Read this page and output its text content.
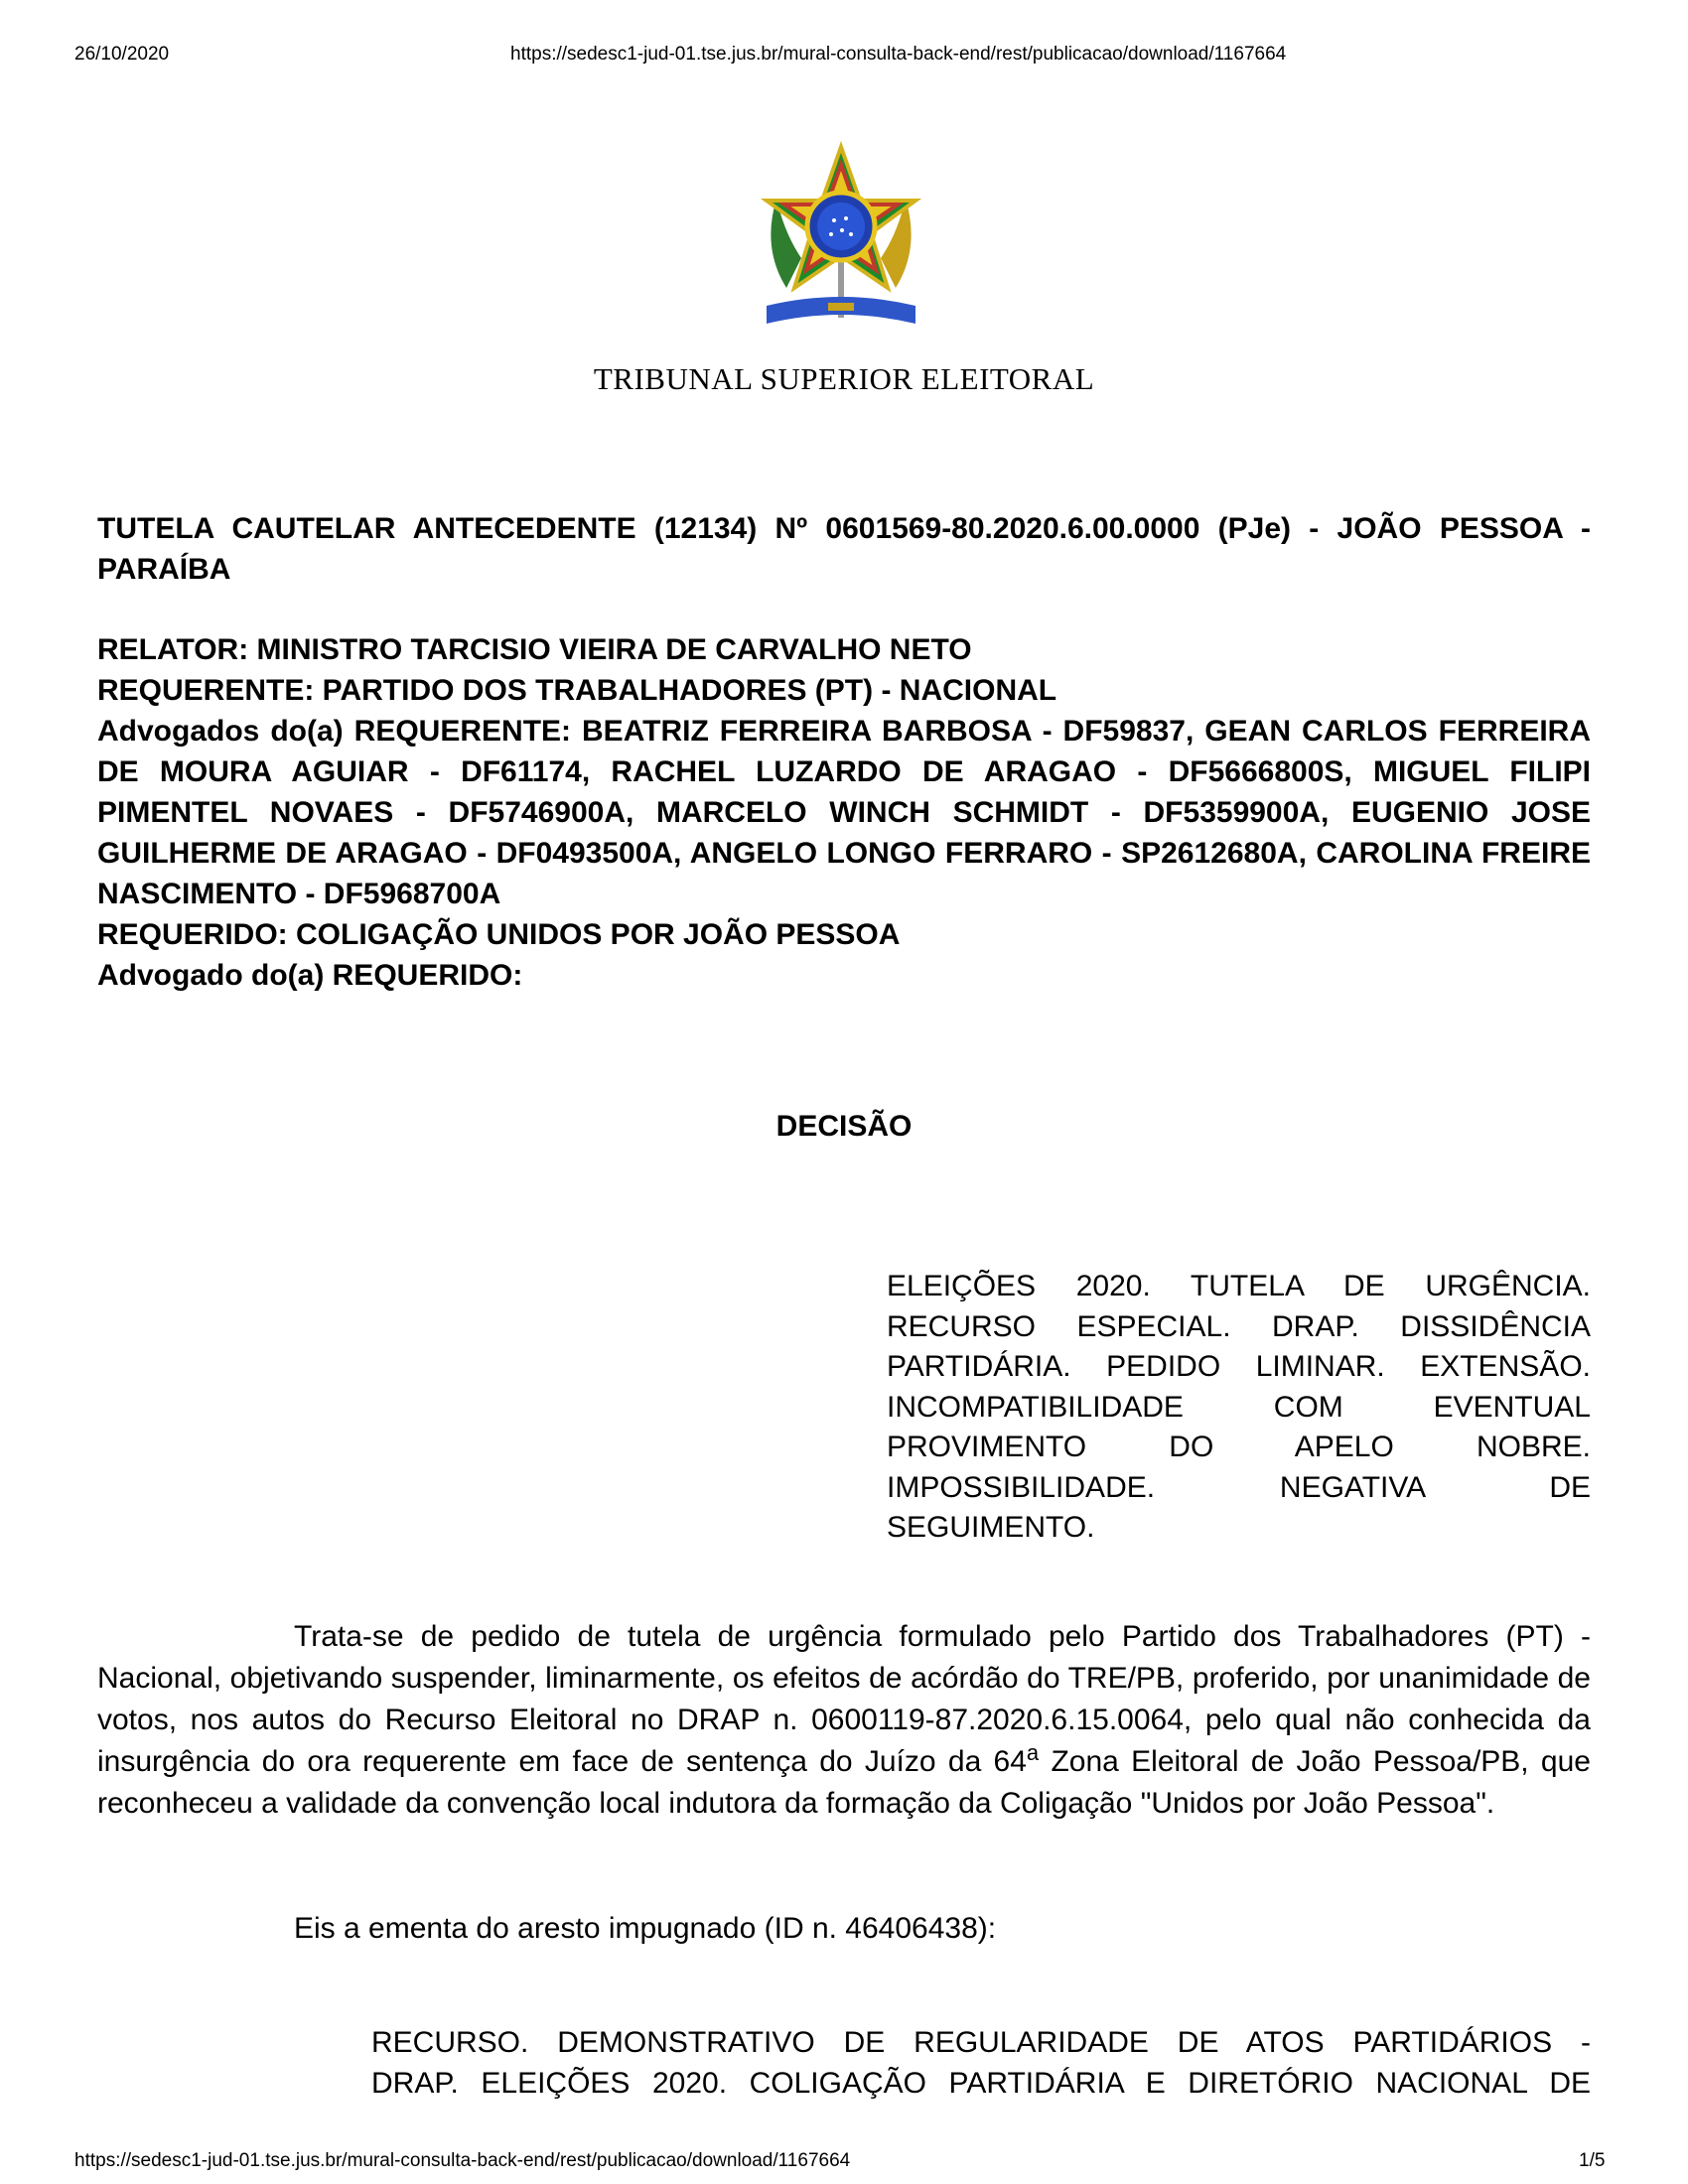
26/10/2020	https://sedesc1-jud-01.tse.jus.br/mural-consulta-back-end/rest/publicacao/download/1167664
TRIBUNAL SUPERIOR ELEITORAL
TUTELA CAUTELAR ANTECEDENTE (12134) Nº 0601569-80.2020.6.00.0000 (PJe) - JOÃO PESSOA - PARAÍBA

RELATOR: MINISTRO TARCISIO VIEIRA DE CARVALHO NETO

REQUERENTE: PARTIDO DOS TRABALHADORES (PT) - NACIONAL

Advogados do(a) REQUERENTE: BEATRIZ FERREIRA BARBOSA - DF59837, GEAN CARLOS FERREIRA DE MOURA AGUIAR - DF61174, RACHEL LUZARDO DE ARAGAO - DF5666800S, MIGUEL FILIPI PIMENTEL NOVAES - DF5746900A, MARCELO WINCH SCHMIDT - DF5359900A, EUGENIO JOSE GUILHERME DE ARAGAO - DF0493500A, ANGELO LONGO FERRARO - SP2612680A, CAROLINA FREIRE NASCIMENTO - DF5968700A

REQUERIDO: COLIGAÇÃO UNIDOS POR JOÃO PESSOA

Advogado do(a) REQUERIDO:

DECISÃO
ELEIÇÕES 2020. TUTELA DE URGÊNCIA.
RECURSO ESPECIAL. DRAP. DISSIDÊNCIA
PARTIDÁRIA. PEDIDO LIMINAR. EXTENSÃO.
INCOMPATIBILIDADE COM EVENTUAL
PROVIMENTO DO APELO NOBRE.
IMPOSSIBILIDADE. NEGATIVA DE
SEGUIMENTO.

Trata-se de pedido de tutela de urgência formulado pelo Partido dos Trabalhadores (PT) - Nacional, objetivando suspender, liminarmente, os efeitos de acórdão do TRE/PB, proferido, por unanimidade de votos, nos autos do Recurso Eleitoral no DRAP n. 0600119-87.2020.6.15.0064, pelo qual não conhecida da insurgência do ora requerente em face de sentença do Juízo da 64$^a$ Zona Eleitoral de João Pessoa/PB, que reconheceu a validade da convenção local indutora da formação da Coligação "Unidos por João Pessoa".

Eis a ementa do aresto impugnado (ID n. 46406438):

RECURSO. DEMONSTRATIVO DE REGULARIDADE DE ATOS PARTIDÁRIOS -
DRAP. ELEIÇÕES 2020. COLIGAÇÃO PARTIDÁRIA E DIRETÓRIO NACIONAL DE
https://sedesc1-jud-01.tse.jus.br/mural-consulta-back-end/rest/publicacao/download/1167664	1/5
